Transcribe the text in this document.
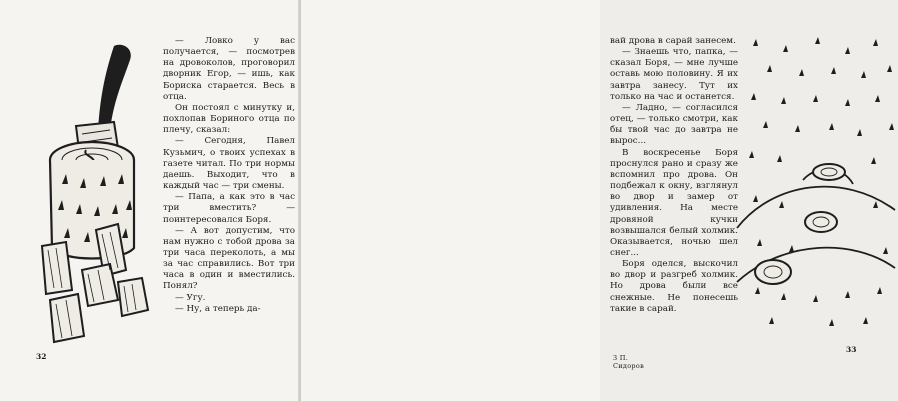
— Ловко у вас получается, — посмотрев на дровоколов, проговорил дворник Егор, — ишь, как Бориска старается. Весь в отца.

Он постоял с минутку и, похлопав Бориного отца по плечу, сказал:

— Сегодня, Павел Кузьмич, о твоих успехах в газете читал. По три нормы даешь. Выходит, что в каждый час — три смены.

— Папа, а как это в час три вместить? — поинтересовался Боря.

— А вот допустим, что нам нужно с тобой дрова за три часа переколоть, а мы за час справились. Вот три часа в один и вместились. Понял?

— Угу.

— Ну, а теперь да-

32

вай дрова в сарай занесем.

— Знаешь что, папка, — сказал Боря, — мне лучше оставь мою половину. Я их завтра занесу. Тут их только на час и останется.

— Ладно, — согласился отец, — только смотри, как бы твой час до завтра не вырос...

В воскресенье Боря проснулся рано и сразу же вспомнил про дрова. Он подбежал к окну, взглянул во двор и замер от удивления. На месте дровяной кучки возвышался белый холмик. Оказывается, ночью шел снег...

Боря оделся, выскочил во двор и разгреб холмик. Но дрова были все снежные. Не понесешь такие в сарай.

3 П. Сидоров
33
